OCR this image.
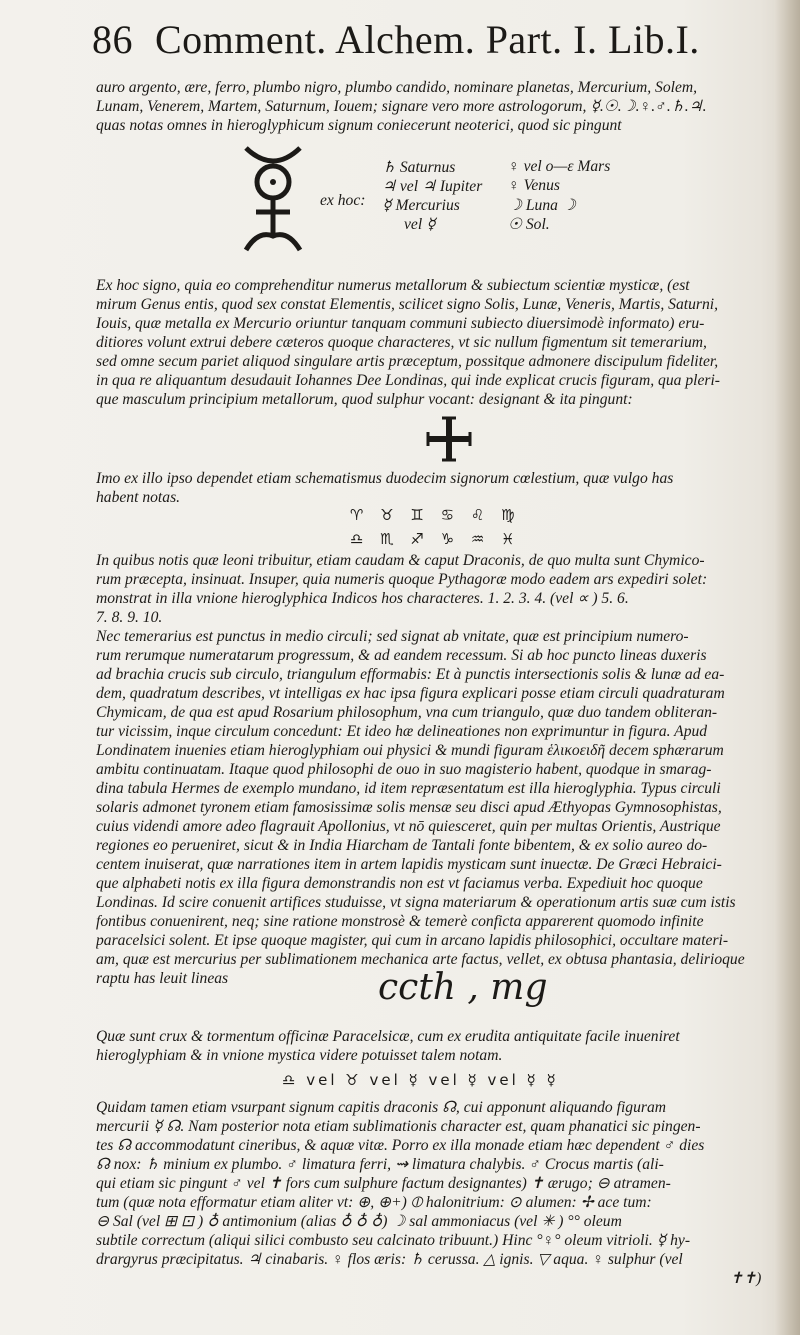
86 Comment. Alchem. Part. I. Lib.I.
auro argento, ære, ferro, plumbo nigro, plumbo candido, nominare planetas, Mercurium, Solem,
Lunam, Venerem, Martem, Saturnum, Iouem; signare vero more astrologorum, ☿.☉.☽.♀.♂.♄.♃.
quas notas omnes in hieroglyphicum signum coniecerunt neoterici, quod sic pingunt
ex hoc:
♄ Saturnus
♃ vel ♃ Iupiter
☿ Mercurius
vel ☿
♀ vel o—ε Mars
♀ Venus
☽ Luna ☽
☉ Sol.
Ex hoc signo, quia eo comprehenditur numerus metallorum & subiectum scientiæ mysticæ, (est
mirum Genus entis, quod sex constat Elementis, scilicet signo Solis, Lunæ, Veneris, Martis, Saturni,
Iouis, quæ metalla ex Mercurio oriuntur tanquam communi subiecto diuersimodè informato) eru-
ditiores volunt extrui debere cæteros quoque characteres, vt sic nullum figmentum sit temerarium,
sed omne secum pariet aliquod singulare artis præceptum, possitque admonere discipulum fideliter,
in qua re aliquantum desudauit Iohannes Dee Londinas, qui inde explicat crucis figuram, qua pleri-
que masculum principium metallorum, quod sulphur vocant: designant & ita pingunt:
Imo ex illo ipso dependet etiam schematismus duodecim signorum cœlestium, quæ vulgo has
habent notas.
♈ ♉ ♊ ♋ ♌ ♍
♎ ♏ ♐ ♑ ♒ ♓
In quibus notis quæ leoni tribuitur, etiam caudam & caput Draconis, de quo multa sunt Chymico-
rum præcepta, insinuat. Insuper, quia numeris quoque Pythagoræ modo eadem ars expediri solet:
monstrat in illa vnione hieroglyphica Indicos hos characteres. 1. 2. 3. 4. (vel ∝ ) 5. 6.
7. 8. 9. 10.
Nec temerarius est punctus in medio circuli; sed signat ab vnitate, quæ est principium numero-
rum rerumque numeratarum progressum, & ad eandem recessum. Si ab hoc puncto lineas duxeris
ad brachia crucis sub circulo, triangulum efformabis: Et à punctis intersectionis solis & lunæ ad ea-
dem, quadratum describes, vt intelligas ex hac ipsa figura explicari posse etiam circuli quadraturam
Chymicam, de qua est apud Rosarium philosophum, vna cum triangulo, quæ duo tandem obliteran-
tur vicissim, inque circulum concedunt: Et ideo hæ delineationes non exprimuntur in figura. Apud
Londinatem inuenies etiam hieroglyphiam oui physici & mundi figuram ἑλικοειδῆ decem sphærarum
ambitu continuatam. Itaque quod philosophi de ouo in suo magisterio habent, quodque in smarag-
dina tabula Hermes de exemplo mundano, id item repræsentatum est illa hieroglyphia. Typus circuli
solaris admonet tyronem etiam famosissimæ solis mensæ seu disci apud Æthyopas Gymnosophistas,
cuius videndi amore adeo flagrauit Apollonius, vt nō quiesceret, quin per multas Orientis, Austrique
regiones eo perueniret, sicut & in India Hiarcham de Tantali fonte bibentem, & ex solio aureo do-
centem inuiserat, quæ narrationes item in artem lapidis mysticam sunt inuectæ. De Græci Hebraici-
que alphabeti notis ex illa figura demonstrandis non est vt faciamus verba. Expediuit hoc quoque
Londinas. Id scire conuenit artifices studuisse, vt signa materiarum & operationum artis suæ cum istis
fontibus conuenirent, neq; sine ratione monstrosè & temerè conficta apparerent quomodo infinite
paracelsici solent. Et ipse quoque magister, qui cum in arcano lapidis philosophici, occultare materi-
am, quæ est mercurius per sublimationem mechanica arte factus, vellet, ex obtusa phantasia, delirioque
raptu has leuit lineas	ccth , mg
Quæ sunt crux & tormentum officinæ Paracelsicæ, cum ex erudita antiquitate facile inueniret
hieroglyphiam & in vnione mystica videre potuisset talem notam.
♎ vel ♉ vel ☿ vel ☿ vel ☿ ☿
Quidam tamen etiam vsurpant signum capitis draconis ☊, cui apponunt aliquando figuram
mercurii ☿ ☊. Nam posterior nota etiam sublimationis character est, quam phanatici sic pingen-
tes ☊ accommodatunt cineribus, & aquæ vitæ. Porro ex illa monade etiam hæc dependent ♂ dies
☊ nox: ♄ minium ex plumbo. ♂ limatura ferri, ⇝ limatura chalybis. ♂ Crocus martis (ali-
qui etiam sic pingunt ♂ vel ✝ fors cum sulphure factum designantes) ✝ ærugo; ⊖ atramen-
tum (quæ nota efformatur etiam aliter vt: ⊕, ⊕+) ⦶ halonitrium: ⊙ alumen: ✢ ace tum:
⊖ Sal (vel ⊞ ⊡ ) ♁ antimonium (alias ♁ ♁ ♁) ☽ sal ammoniacus (vel ✳ ) °° oleum
subtile correctum (aliqui silici combusto seu calcinato tribuunt.) Hinc °♀° oleum vitrioli. ☿ hy-
drargyrus præcipitatus. ♃ cinabaris. ♀ flos æris: ♄ cerussa. △ ignis. ▽ aqua. ♀ sulphur (vel
✝✝)
